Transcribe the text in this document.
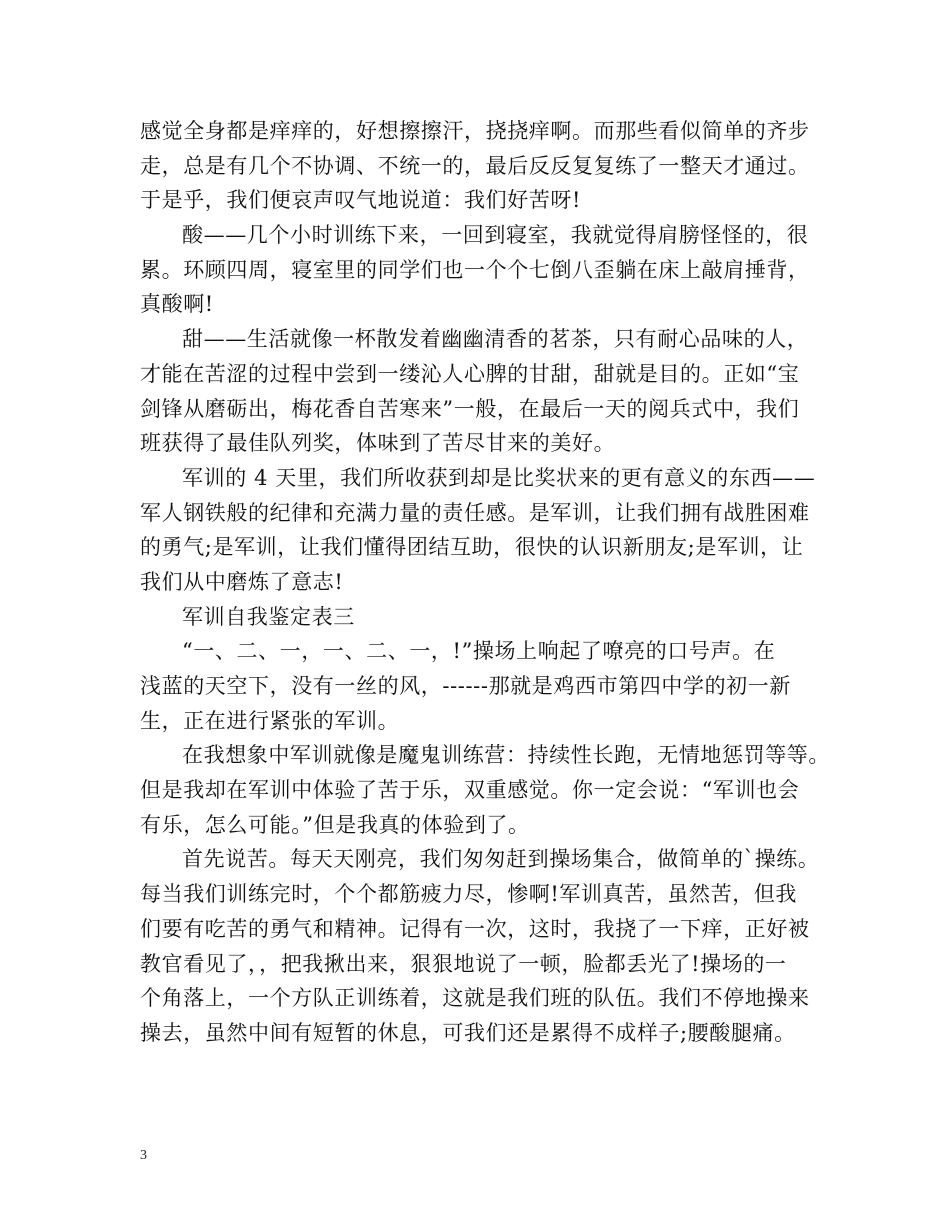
感觉全身都是痒痒的，好想擦擦汗，挠挠痒啊。而那些看似简单的齐步
走，总是有几个不协调、不统一的，最后反反复复练了一整天才通过。
于是乎，我们便哀声叹气地说道：我们好苦呀!
酸——几个小时训练下来，一回到寝室，我就觉得肩膀怪怪的，很
累。环顾四周，寝室里的同学们也一个个七倒八歪躺在床上敲肩捶背，
真酸啊!
甜——生活就像一杯散发着幽幽清香的茗茶，只有耐心品味的人，
才能在苦涩的过程中尝到一缕沁人心脾的甘甜，甜就是目的。正如“宝
剑锋从磨砺出，梅花香自苦寒来”一般，在最后一天的阅兵式中，我们
班获得了最佳队列奖，体味到了苦尽甘来的美好。
军训的 4 天里，我们所收获到却是比奖状来的更有意义的东西——
军人钢铁般的纪律和充满力量的责任感。是军训，让我们拥有战胜困难
的勇气;是军训，让我们懂得团结互助，很快的认识新朋友;是军训，让
我们从中磨炼了意志!
军训自我鉴定表三
“一、二、一，一、二、一，!”操场上响起了嘹亮的口号声。在
浅蓝的天空下，没有一丝的风，------那就是鸡西市第四中学的初一新
生，正在进行紧张的军训。
在我想象中军训就像是魔鬼训练营：持续性长跑，无情地惩罚等等。
但是我却在军训中体验了苦于乐，双重感觉。你一定会说：“军训也会
有乐，怎么可能。”但是我真的体验到了。
首先说苦。每天天刚亮，我们匆匆赶到操场集合，做简单的`操练。
每当我们训练完时，个个都筋疲力尽，惨啊!军训真苦，虽然苦，但我
们要有吃苦的勇气和精神。记得有一次，这时，我挠了一下痒，正好被
教官看见了，，把我揪出来，狠狠地说了一顿，脸都丢光了!操场的一
个角落上，一个方队正训练着，这就是我们班的队伍。我们不停地操来
操去，虽然中间有短暂的休息，可我们还是累得不成样子;腰酸腿痛。
3
